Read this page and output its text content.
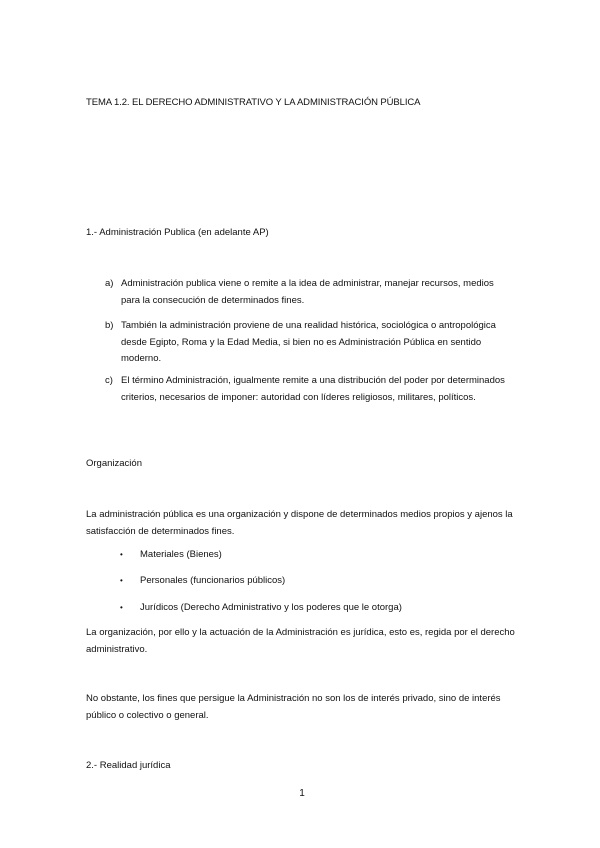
TEMA 1.2. EL DERECHO ADMINISTRATIVO Y LA ADMINISTRACIÓN PÚBLICA
1.- Administración Publica (en adelante AP)
a) Administración publica viene o remite a la idea de administrar, manejar recursos, medios para la consecución de determinados fines.
b) También la administración proviene de una realidad histórica, sociológica o antropológica desde Egipto, Roma y la Edad Media, si bien no es Administración Pública en sentido moderno.
c) El término Administración, igualmente remite a una distribución del poder por determinados criterios, necesarios de imponer: autoridad con líderes religiosos, militares, políticos.
Organización
La administración pública es una organización y dispone de determinados medios propios y ajenos la satisfacción de determinados fines.
• Materiales (Bienes)
• Personales (funcionarios públicos)
• Jurídicos (Derecho Administrativo y los poderes que le otorga)
La organización, por ello y la actuación de la Administración es jurídica, esto es, regida por el derecho administrativo.
No obstante, los fines que persigue la Administración no son los de interés privado, sino de interés público o colectivo o general.
2.- Realidad jurídica
1
